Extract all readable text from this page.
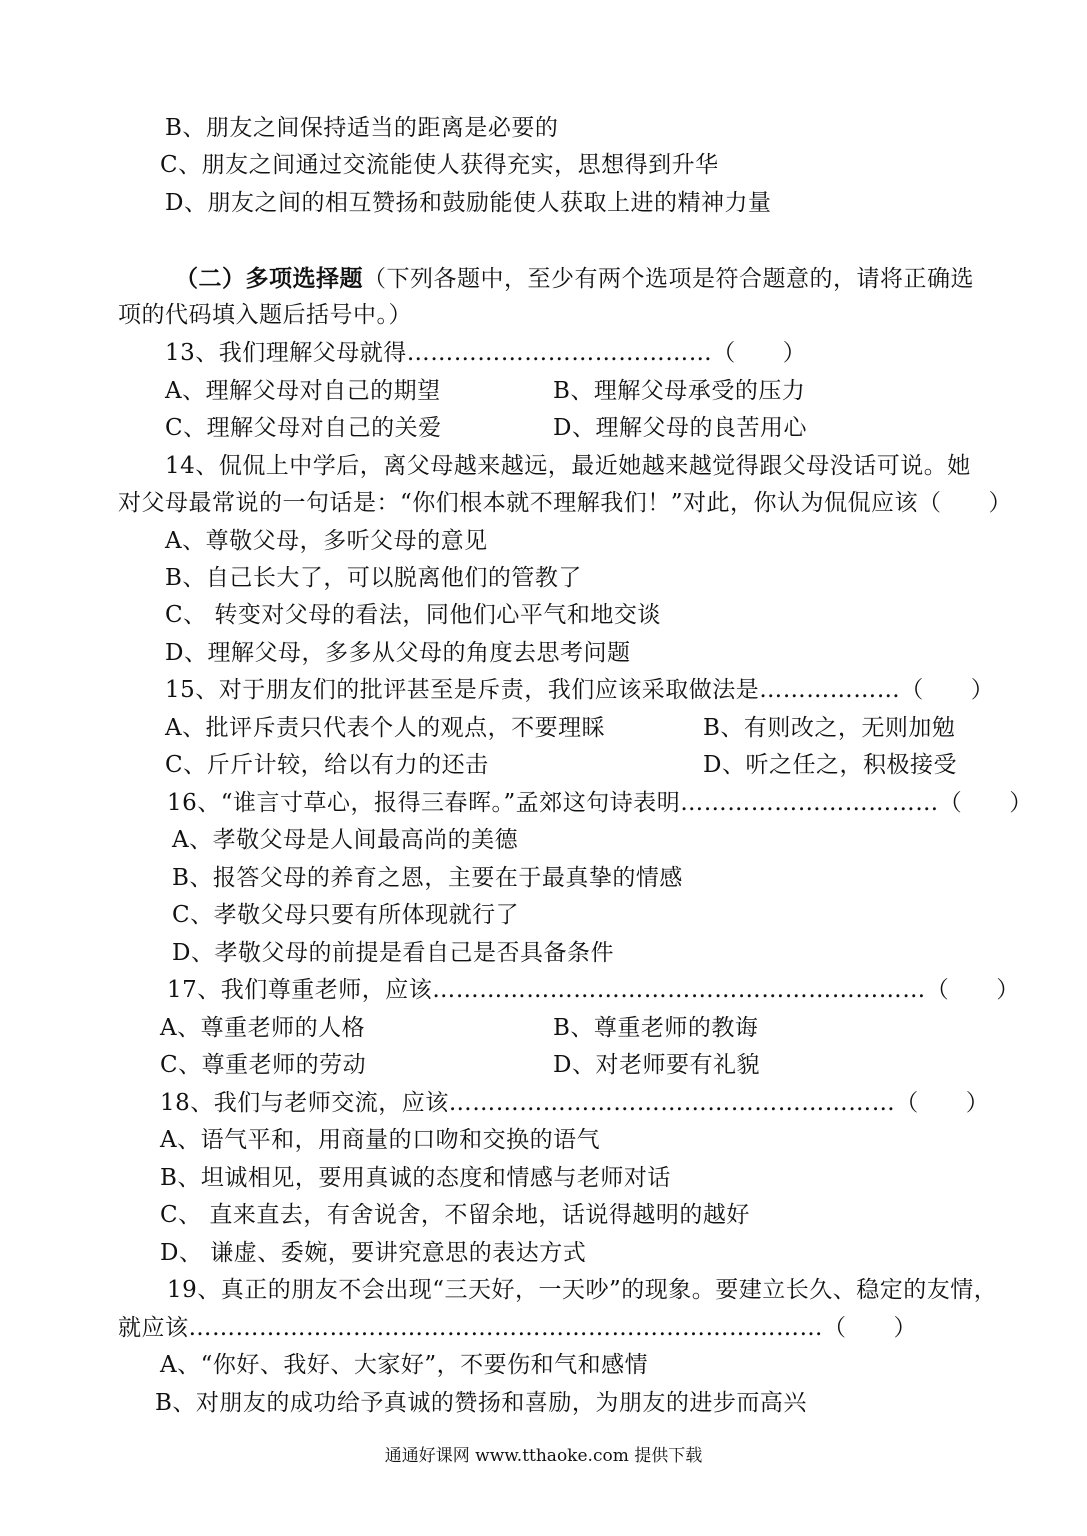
B、朋友之间保持适当的距离是必要的
C、朋友之间通过交流能使人获得充实，思想得到升华
D、朋友之间的相互赞扬和鼓励能使人获取上进的精神力量
（二）多项选择题（下列各题中，至少有两个选项是符合题意的，请将正确选
项的代码填入题后括号中。）
13、我们理解父母就得…………………………………（　　）
A、理解父母对自己的期望	B、理解父母承受的压力
C、理解父母对自己的关爱	D、理解父母的良苦用心
14、侃侃上中学后，离父母越来越远，最近她越来越觉得跟父母没话可说。她
对父母最常说的一句话是：“你们根本就不理解我们！”对此，你认为侃侃应该（　　）
A、尊敬父母，多听父母的意见
B、自己长大了，可以脱离他们的管教了
C、 转变对父母的看法，同他们心平气和地交谈
D、理解父母，多多从父母的角度去思考问题
15、对于朋友们的批评甚至是斥责，我们应该采取做法是………………（　　）
A、批评斥责只代表个人的观点，不要理睬	B、有则改之，无则加勉
C、斤斤计较，给以有力的还击	D、听之任之，积极接受
16、“谁言寸草心，报得三春晖。”孟郊这句诗表明……………………………（　　）
A、孝敬父母是人间最高尚的美德
B、报答父母的养育之恩，主要在于最真挚的情感
C、孝敬父母只要有所体现就行了
D、孝敬父母的前提是看自己是否具备条件
17、我们尊重老师，应该………………………………………………………（　　）
A、尊重老师的人格	B、尊重老师的教诲
C、尊重老师的劳动	D、对老师要有礼貌
18、我们与老师交流，应该…………………………………………………（　　）
A、语气平和，用商量的口吻和交换的语气
B、坦诚相见，要用真诚的态度和情感与老师对话
C、 直来直去，有舍说舍，不留余地，话说得越明的越好
D、 谦虚、委婉，要讲究意思的表达方式
19、真正的朋友不会出现“三天好，一天吵”的现象。要建立长久、稳定的友情，
就应该………………………………………………………………………（　　）
A、“你好、我好、大家好”，不要伤和气和感情
B、对朋友的成功给予真诚的赞扬和喜励，为朋友的进步而高兴
通通好课网 www.tthaoke.com 提供下载
